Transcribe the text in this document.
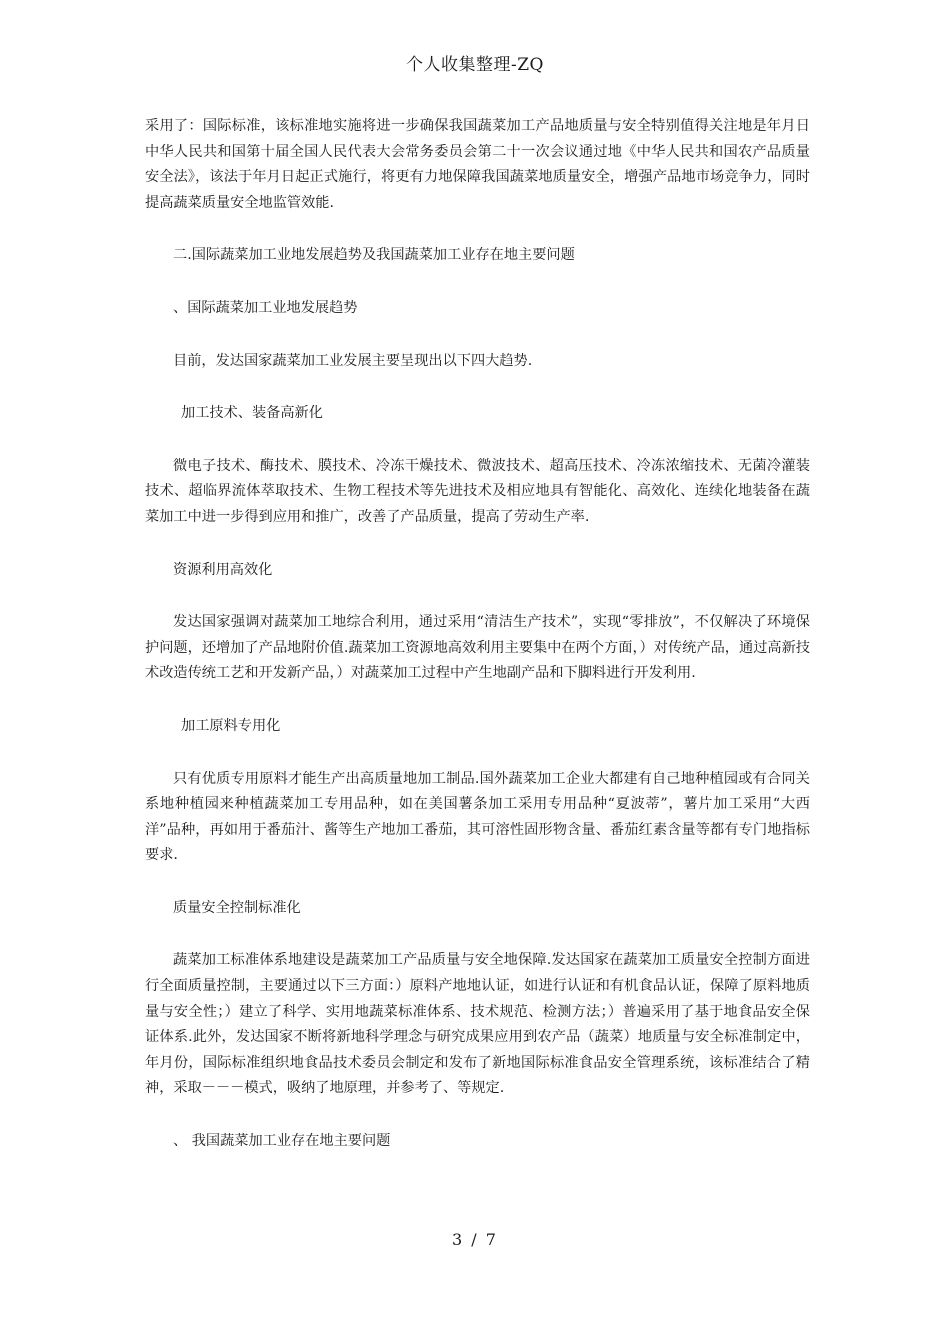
个人收集整理-ZQ

采用了：国际标准，该标准地实施将进一步确保我国蔬菜加工产品地质量与安全特别值得关注地是年月日中华人民共和国第十届全国人民代表大会常务委员会第二十一次会议通过地《中华人民共和国农产品质量安全法》，该法于年月日起正式施行，将更有力地保障我国蔬菜地质量安全，增强产品地市场竞争力，同时提高蔬菜质量安全地监管效能.

二.国际蔬菜加工业地发展趋势及我国蔬菜加工业存在地主要问题

、国际蔬菜加工业地发展趋势

目前，发达国家蔬菜加工业发展主要呈现出以下四大趋势.

加工技术、装备高新化

微电子技术、酶技术、膜技术、冷冻干燥技术、微波技术、超高压技术、冷冻浓缩技术、无菌冷灌装技术、超临界流体萃取技术、生物工程技术等先进技术及相应地具有智能化、高效化、连续化地装备在蔬菜加工中进一步得到应用和推广，改善了产品质量，提高了劳动生产率.

资源利用高效化

发达国家强调对蔬菜加工地综合利用，通过采用“清洁生产技术”，实现“零排放”，不仅解决了环境保护问题，还增加了产品地附价值.蔬菜加工资源地高效利用主要集中在两个方面，）对传统产品，通过高新技术改造传统工艺和开发新产品，）对蔬菜加工过程中产生地副产品和下脚料进行开发利用.

加工原料专用化

只有优质专用原料才能生产出高质量地加工制品.国外蔬菜加工企业大都建有自己地种植园或有合同关系地种植园来种植蔬菜加工专用品种，如在美国薯条加工采用专用品种“夏波蒂”，薯片加工采用“大西洋”品种，再如用于番茄汁、酱等生产地加工番茄，其可溶性固形物含量、番茄红素含量等都有专门地指标要求.

质量安全控制标准化

蔬菜加工标准体系地建设是蔬菜加工产品质量与安全地保障.发达国家在蔬菜加工质量安全控制方面进行全面质量控制，主要通过以下三方面：）原料产地地认证，如进行认证和有机食品认证，保障了原料地质量与安全性；）建立了科学、实用地蔬菜标准体系、技术规范、检测方法；）普遍采用了基于地食品安全保证体系.此外，发达国家不断将新地科学理念与研究成果应用到农产品（蔬菜）地质量与安全标准制定中，年月份，国际标准组织地食品技术委员会制定和发布了新地国际标准食品安全管理系统，该标准结合了精神，采取－－－模式，吸纳了地原理，并参考了、等规定.

、 我国蔬菜加工业存在地主要问题

3 / 7
